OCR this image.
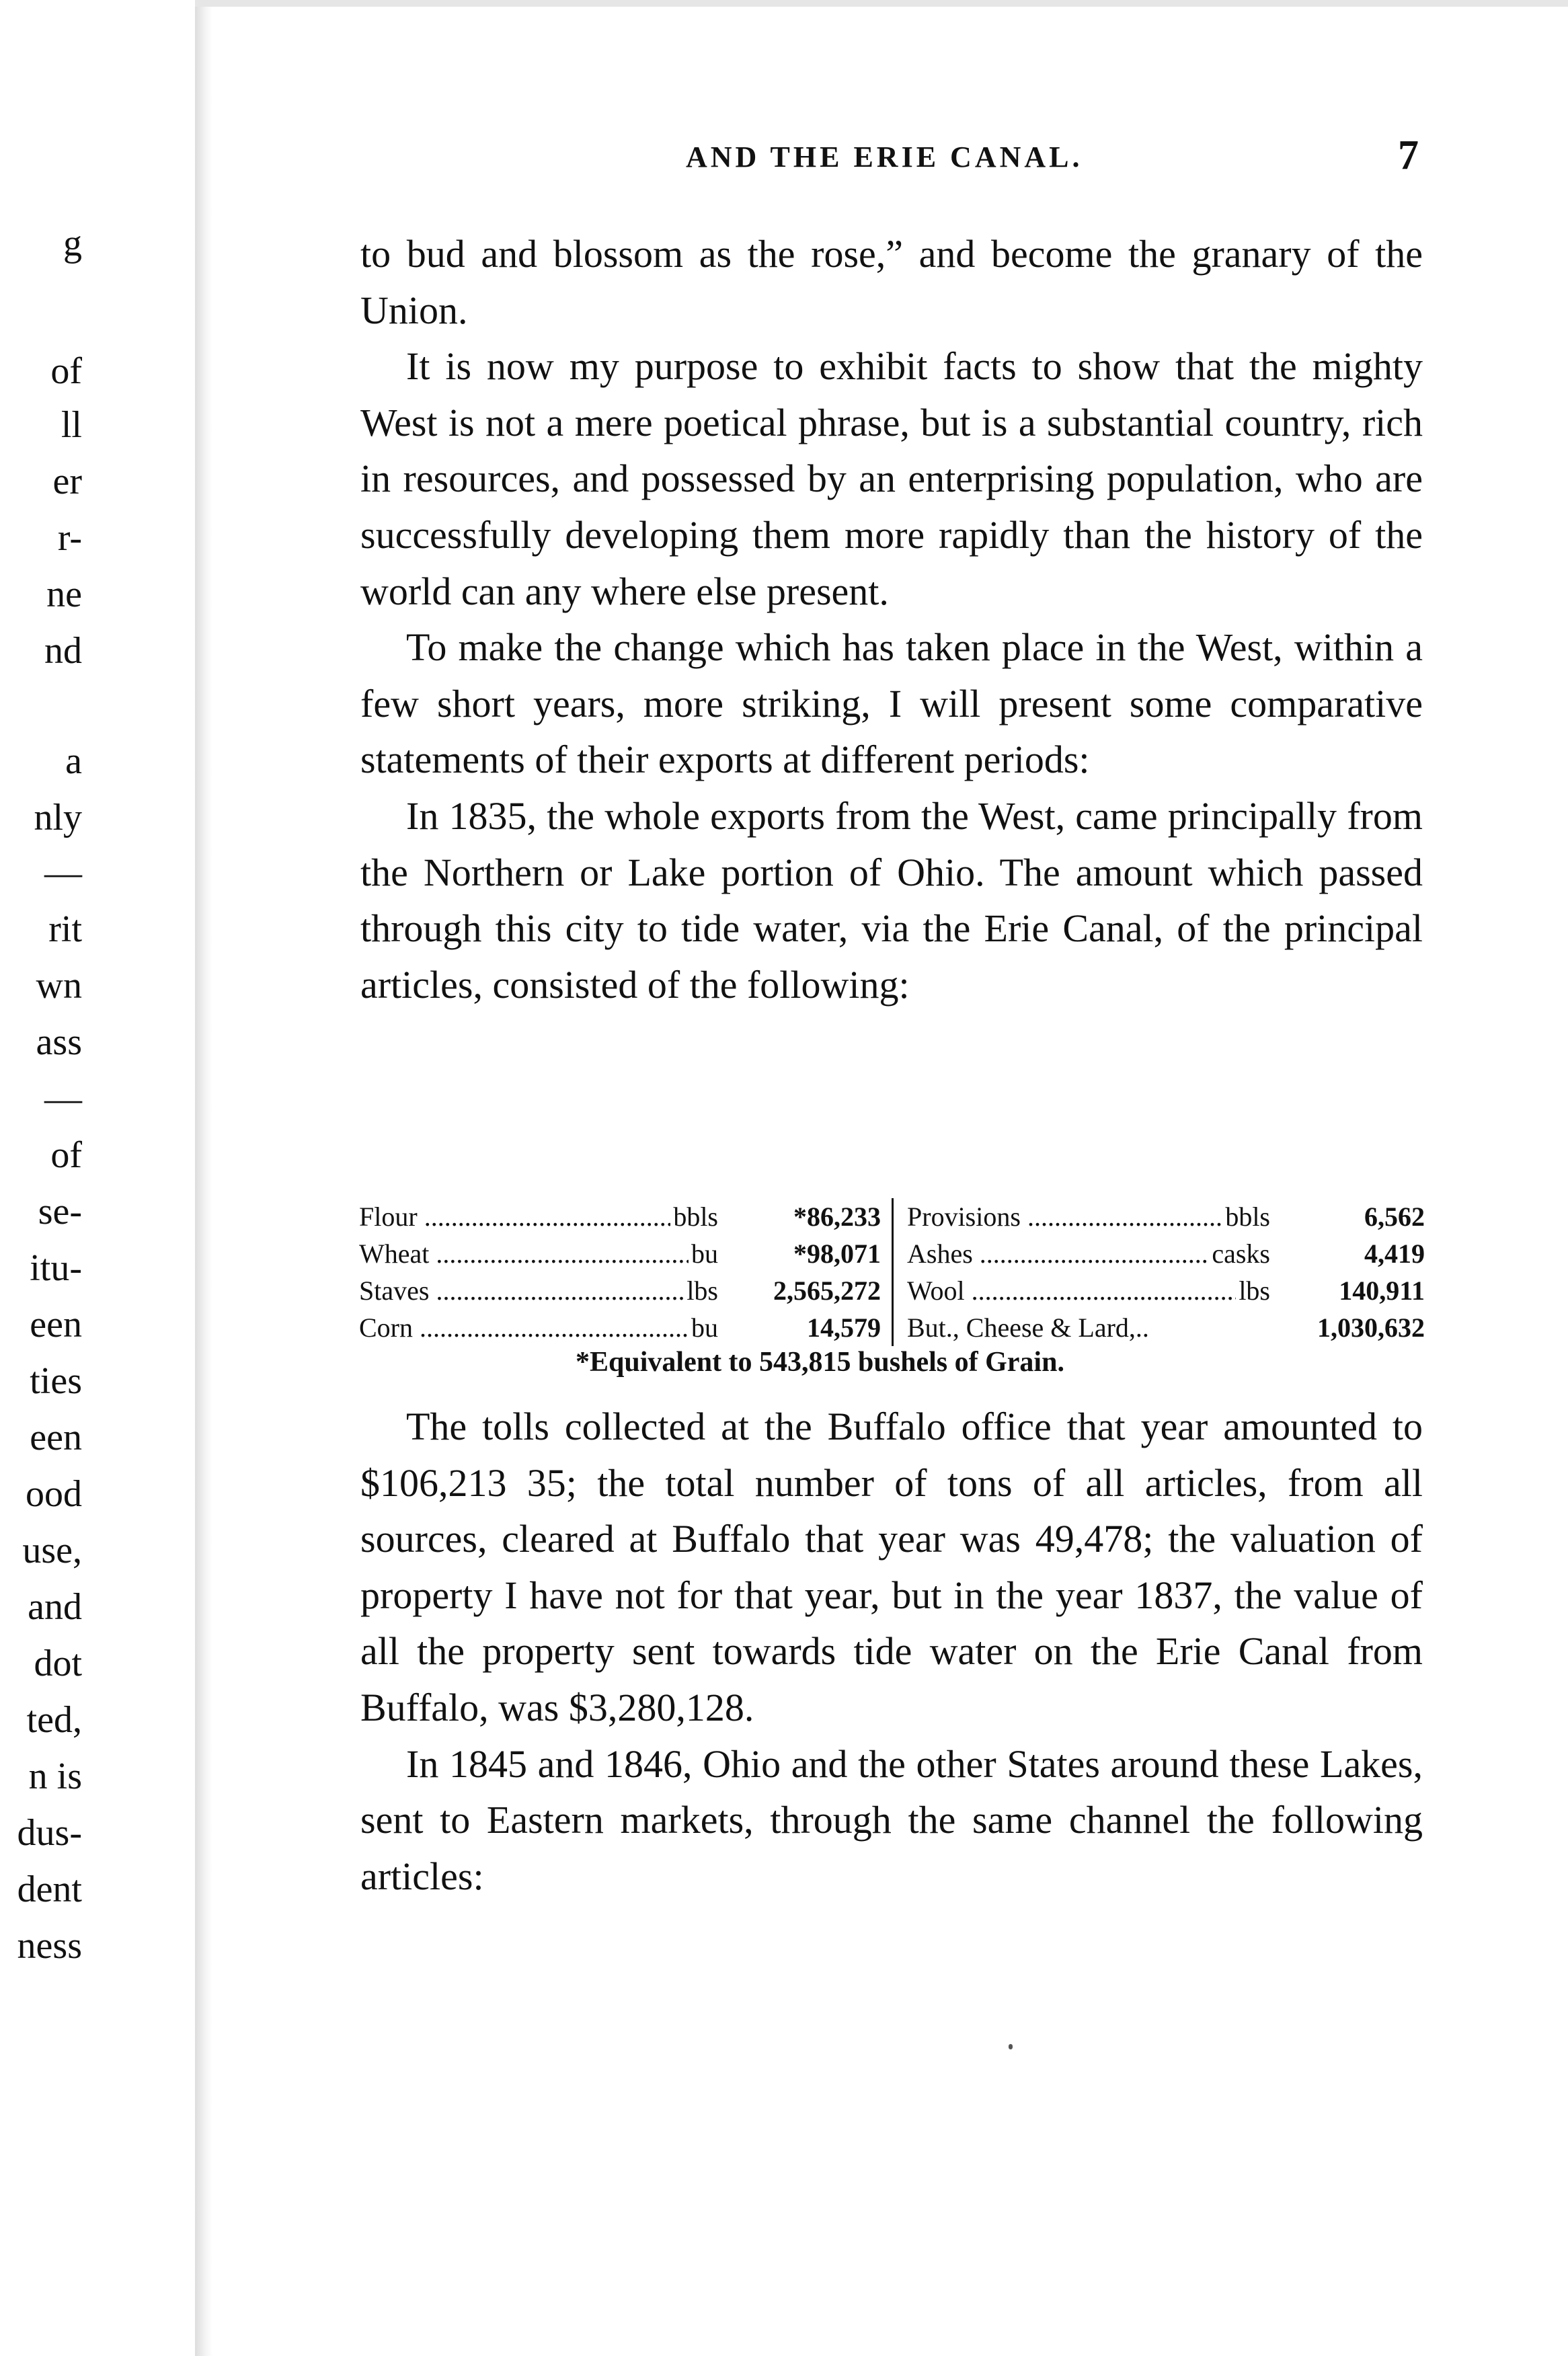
g
of
ll
er
r-
ne
nd
a
nly
—
rit
wn
ass
—
of
se-
itu-
een
ties
een
ood
use,
and
dot
ted,
n is
dus-
dent
ness
AND THE ERIE CANAL.	7

to bud and blossom as the rose,” and become the granary of the Union.

It is now my purpose to exhibit facts to show that the mighty West is not a mere poetical phrase, but is a substantial country, rich in resources, and possessed by an enterprising population, who are successfully developing them more rapidly than the history of the world can any where else present.

To make the change which has taken place in the West, within a few short years, more striking, I will present some comparative statements of their exports at different periods:

In 1835, the whole exports from the West, came principally from the Northern or Lake portion of Ohio. The amount which passed through this city to tide water, via the Erie Canal, of the principal articles, consisted of the following:

Flour .....	bbls	*86,233 Provisions .....	bbls	6,562
Wheat .....	bu	*98,071 Ashes .....	casks	4,419
Staves .....	lbs	2,565,272 Wool .....	lbs	140,911
Corn .....	bu	14,579 But., Cheese & Lard,..	1,030,632
*Equivalent to 543,815 bushels of Grain.

The tolls collected at the Buffalo office that year amounted to $106,213 35; the total number of tons of all articles, from all sources, cleared at Buffalo that year was 49,478; the valuation of property I have not for that year, but in the year 1837, the value of all the property sent towards tide water on the Erie Canal from Buffalo, was $3,280,128.

In 1845 and 1846, Ohio and the other States around these Lakes, sent to Eastern markets, through the same channel the following articles:
